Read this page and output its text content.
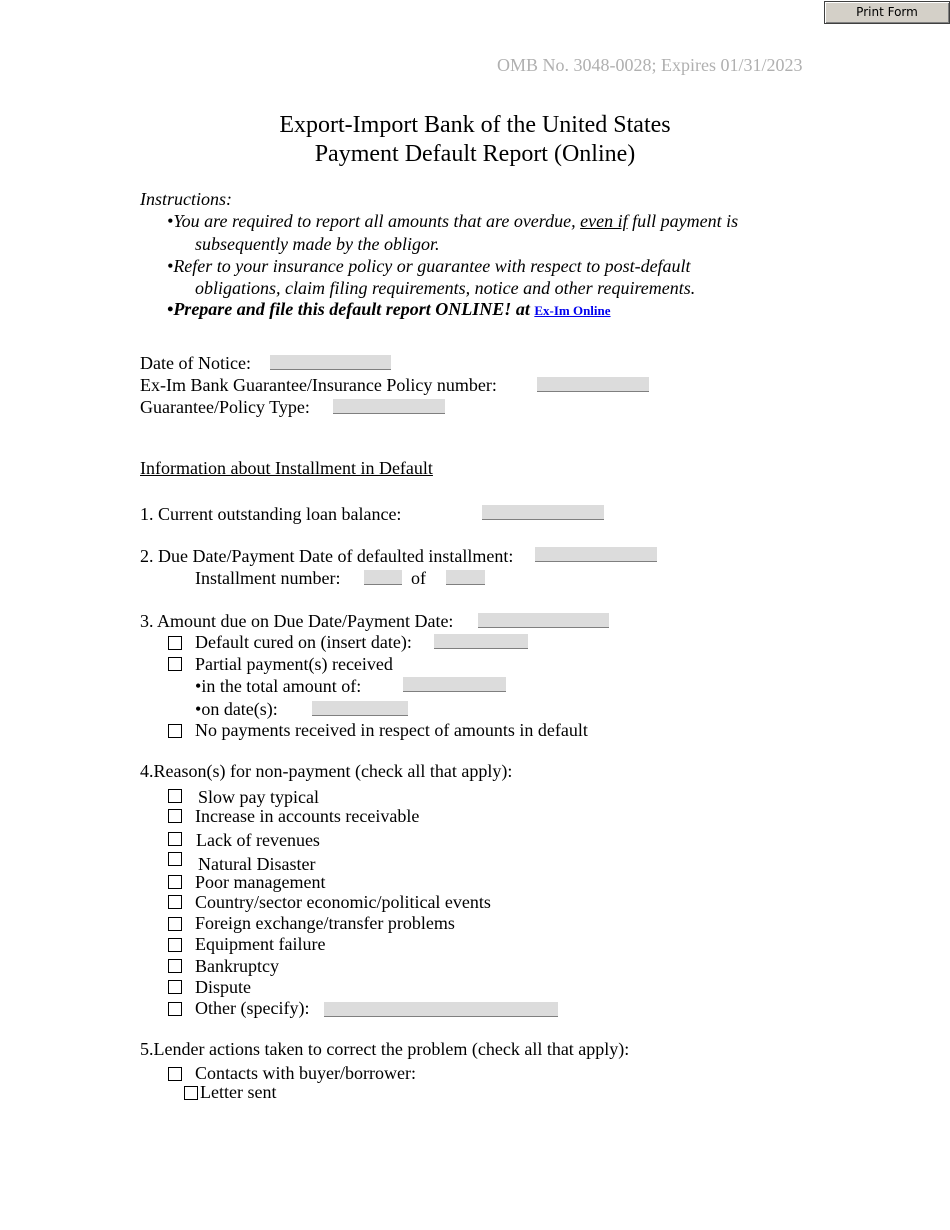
Print Form
OMB No. 3048-0028; Expires 01/31/2023
Export-Import Bank of the United States
Payment Default Report (Online)
Instructions:
•You are required to report all amounts that are overdue, even if full payment is
subsequently made by the obligor.
•Refer to your insurance policy or guarantee with respect to post-default
obligations, claim filing requirements, notice and other requirements.
•Prepare and file this default report ONLINE! at Ex-Im Online
Date of Notice:
Ex-Im Bank Guarantee/Insurance Policy number:
Guarantee/Policy Type:
Information about Installment in Default
1. Current outstanding loan balance:
2. Due Date/Payment Date of defaulted installment:
Installment number:	of
3. Amount due on Due Date/Payment Date:
Default cured on (insert date):
Partial payment(s) received
•in the total amount of:
•on date(s):
No payments received in respect of amounts in default
4.Reason(s) for non-payment (check all that apply):
Slow pay typical
Increase in accounts receivable
Lack of revenues
Natural Disaster
Poor management
Country/sector economic/political events
Foreign exchange/transfer problems
Equipment failure
Bankruptcy
Dispute
Other (specify):
5.Lender actions taken to correct the problem (check all that apply):
Contacts with buyer/borrower:
Letter sent
